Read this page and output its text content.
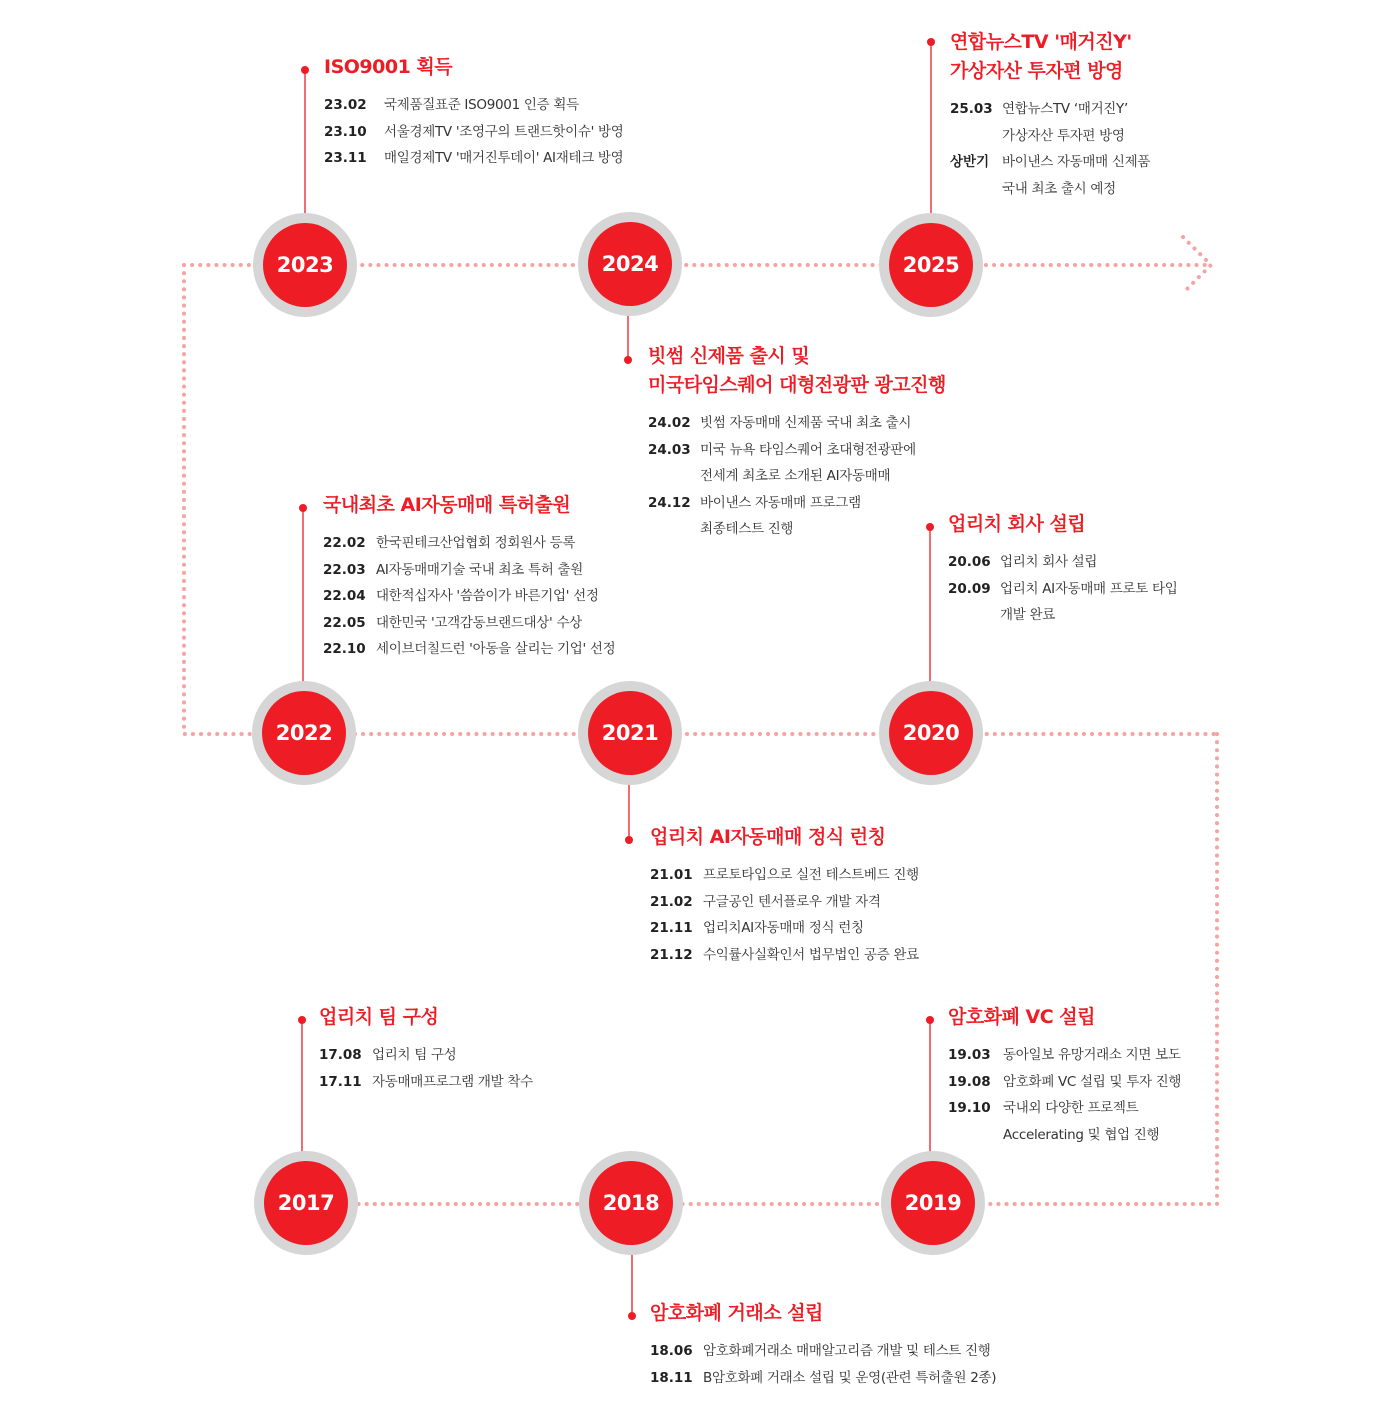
2023	2024	2025
2022	2021	2020
2017	2018	2019
ISO9001 획득
23.02	국제품질표준 ISO9001 인증 획득
23.10	서울경제TV '조영구의 트랜드핫이슈' 방영
23.11	매일경제TV '매거진투데이' AI재테크 방영
연합뉴스TV '매거진Y'
가상자산 투자편 방영
25.03 연합뉴스TV ‘매거진Y’
가상자산 투자편 방영
상반기 바이낸스 자동매매 신제품
국내 최초 출시 예정
빗썸 신제품 출시 및
미국타임스퀘어 대형전광판 광고진행
24.02 빗썸 자동매매 신제품 국내 최초 출시
24.03 미국 뉴욕 타임스퀘어 초대형전광판에
전세계 최초로 소개된 AI자동매매
24.12 바이낸스 자동매매 프로그램
최종테스트 진행
국내최초 AI자동매매 특허출원
22.02 한국핀테크산업협회 정회원사 등록
22.03 AI자동매매기술 국내 최초 특허 출원
22.04 대한적십자사 '씀씀이가 바른기업' 선정
22.05 대한민국 '고객감동브랜드대상' 수상
22.10 세이브더칠드런 '아동을 살리는 기업' 선정
업리치 회사 설립
20.06 업리치 회사 설립
20.09 업리치 AI자동매매 프로토 타입
개발 완료
업리치 AI자동매매 정식 런칭
21.01 프로토타입으로 실전 테스트베드 진행
21.02 구글공인 텐서플로우 개발 자격
21.11 업리치AI자동매매 정식 런칭
21.12 수익률사실확인서 법무법인 공증 완료
업리치 팀 구성
17.08 업리치 팀 구성
17.11 자동매매프로그램 개발 착수
암호화폐 VC 설립
19.03 동아일보 유망거래소 지면 보도
19.08 암호화폐 VC 설립 및 투자 진행
19.10 국내외 다양한 프로젝트
Accelerating 및 협업 진행
암호화폐 거래소 설립
18.06 암호화폐거래소 매매알고리즘 개발 및 테스트 진행
18.11 B암호화폐 거래소 설립 및 운영(관련 특허출원 2종)
